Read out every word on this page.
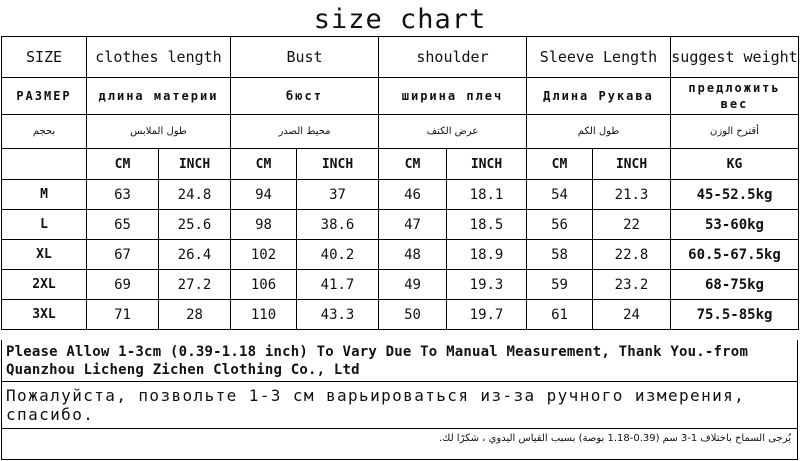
size chart
SIZE	clothes length		Bust		shoulder		Sleeve Length		suggest weight
РАЗМЕР	длина материи		бюст		ширина плеч		Длина Рукава		предложить вес
بحجم	طول الملابس		محيط الصدر		عرض الكتف		طول الكم		أقترح الوزن
	CM	INCH	CM	INCH	CM	INCH	CM	INCH	KG
M	63	24.8	94	37	46	18.1	54	21.3	45-52.5kg
L	65	25.6	98	38.6	47	18.5	56	22	53-60kg
XL	67	26.4	102	40.2	48	18.9	58	22.8	60.5-67.5kg
2XL	69	27.2	106	41.7	49	19.3	59	23.2	68-75kg
3XL	71	28	110	43.3	50	19.7	61	24	75.5-85kg
Please Allow 1-3cm (0.39-1.18 inch) To Vary Due To Manual Measurement, Thank You.-from Quanzhou Licheng Zichen Clothing Co., Ltd
Пожалуйста, позвольте 1-3 см варьироваться из-за ручного измерения, спасибо.
يُرجى السماح باختلاف 1-3 سم (0.39-1.18 بوصة) بسبب القياس اليدوي ، شكرًا لك.
